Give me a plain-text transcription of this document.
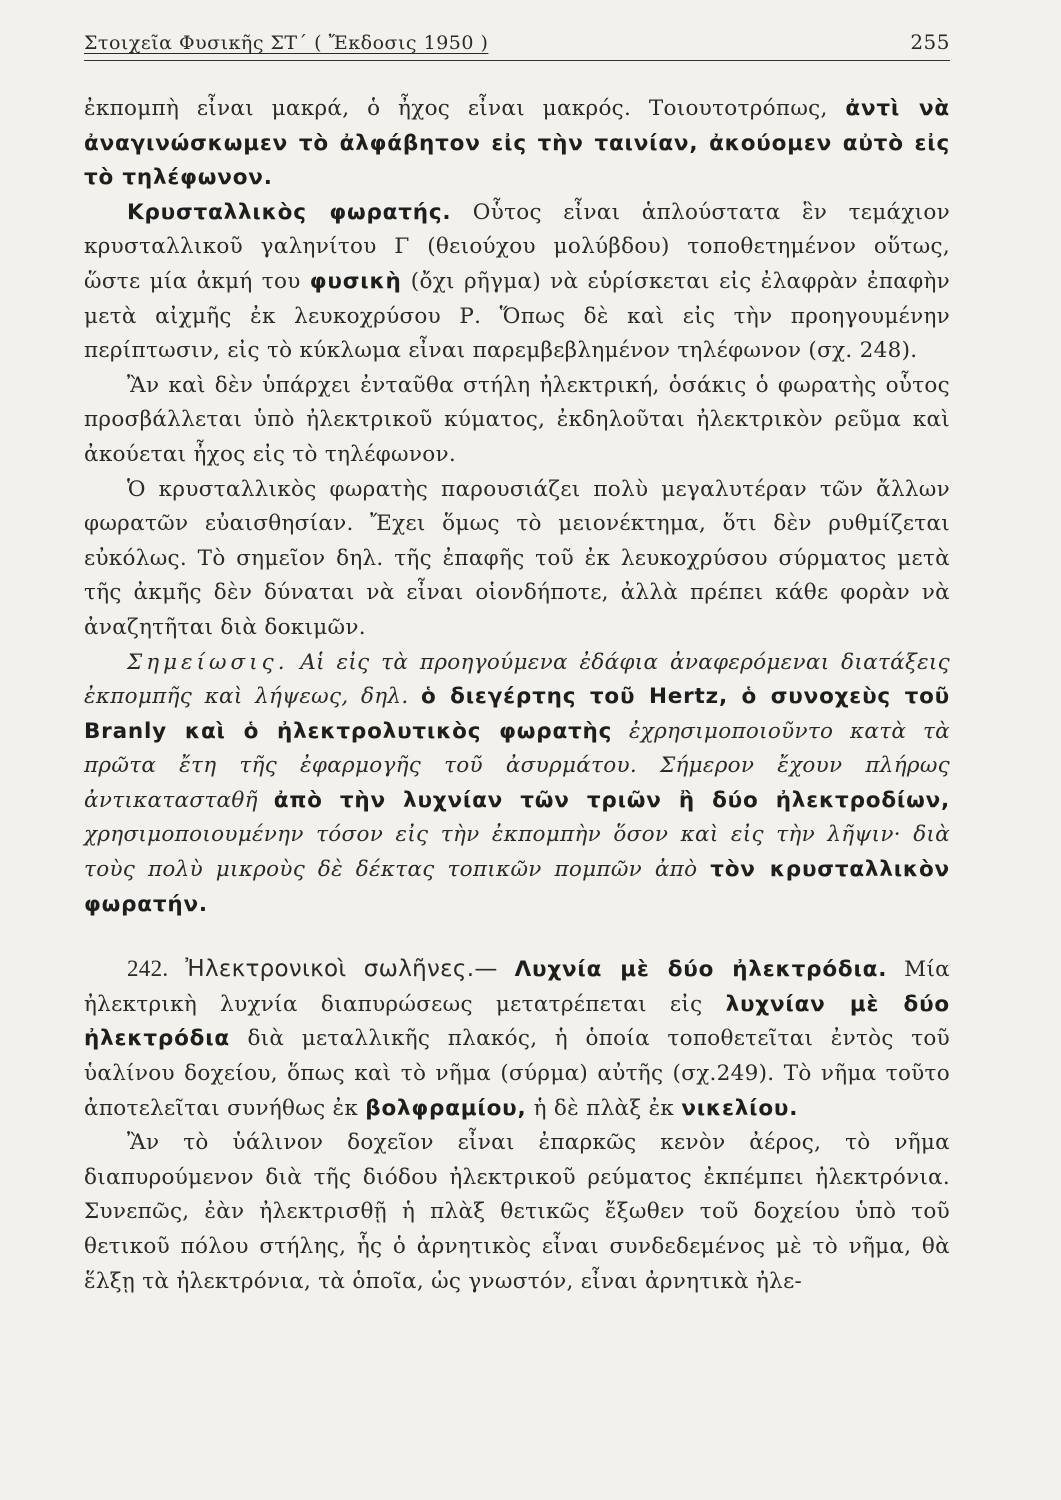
Στοιχεῖα Φυσικῆς ΣΤ΄ ( Ἔκδοσις 1950 )	255

ἐκπομπὴ εἶναι μακρά, ὁ ἦχος εἶναι μακρός. Τοιουτοτρόπως, ἀντὶ νὰ ἀναγινώσκωμεν τὸ ἀλφάβητον εἰς τὴν ταινίαν, ἀκούομεν αὐτὸ εἰς τὸ τηλέφωνον.

Κρυσταλλικὸς φωρατής. Οὗτος εἶναι ἁπλούστατα ἓν τεμάχιον κρυσταλλικοῦ γαληνίτου Γ (θειούχου μολύβδου) τοποθετημένον οὕτως, ὥστε μία ἀκμή του φυσικὴ (ὄχι ρῆγμα) νὰ εὑρίσκεται εἰς ἐλαφρὰν ἐπαφὴν μετὰ αἰχμῆς ἐκ λευκοχρύσου Ρ. Ὅπως δὲ καὶ εἰς τὴν προηγουμένην περίπτωσιν, εἰς τὸ κύκλωμα εἶναι παρεμβεβλημένον τηλέφωνον (σχ. 248).

Ἂν καὶ δὲν ὑπάρχει ἐνταῦθα στήλη ἠλεκτρική, ὁσάκις ὁ φωρατὴς οὗτος προσβάλλεται ὑπὸ ἠλεκτρικοῦ κύματος, ἐκδηλοῦται ἠλεκτρικὸν ρεῦμα καὶ ἀκούεται ἦχος εἰς τὸ τηλέφωνον.

Ὁ κρυσταλλικὸς φωρατὴς παρουσιάζει πολὺ μεγαλυτέραν τῶν ἄλλων φωρατῶν εὐαισθησίαν. Ἔχει ὅμως τὸ μειονέκτημα, ὅτι δὲν ρυθμίζεται εὐκόλως. Τὸ σημεῖον δηλ. τῆς ἐπαφῆς τοῦ ἐκ λευκοχρύσου σύρματος μετὰ τῆς ἀκμῆς δὲν δύναται νὰ εἶναι οἱονδήποτε, ἀλλὰ πρέπει κάθε φορὰν νὰ ἀναζητῆται διὰ δοκιμῶν.

Σημείωσις. Αἱ εἰς τὰ προηγούμενα ἐδάφια ἀναφερόμεναι διατάξεις ἐκπομπῆς καὶ λήψεως, δηλ. ὁ διεγέρτης τοῦ Hertz, ὁ συνοχεὺς τοῦ Branly καὶ ὁ ἠλεκτρολυτικὸς φωρατὴς ἐχρησιμοποιοῦντο κατὰ τὰ πρῶτα ἔτη τῆς ἐφαρμογῆς τοῦ ἀσυρμάτου. Σήμερον ἔχουν πλήρως ἀντικατασταθῆ ἀπὸ τὴν λυχνίαν τῶν τριῶν ἢ δύο ἠλεκτροδίων, χρησιμοποιουμένην τόσον εἰς τὴν ἐκπομπὴν ὅσον καὶ εἰς τὴν λῆψιν· διὰ τοὺς πολὺ μικροὺς δὲ δέκτας τοπικῶν πομπῶν ἀπὸ τὸν κρυσταλλικὸν φωρατήν.

242. Ἠλεκτρονικοὶ σωλῆνες.— Λυχνία μὲ δύο ἠλεκτρόδια. Μία ἠλεκτρικὴ λυχνία διαπυρώσεως μετατρέπεται εἰς λυχνίαν μὲ δύο ἠλεκτρόδια διὰ μεταλλικῆς πλακός, ἡ ὁποία τοποθετεῖται ἐντὸς τοῦ ὑαλίνου δοχείου, ὅπως καὶ τὸ νῆμα (σύρμα) αὐτῆς (σχ.249). Τὸ νῆμα τοῦτο ἀποτελεῖται συνήθως ἐκ βολφραμίου, ἡ δὲ πλὰξ ἐκ νικελίου.

Ἂν τὸ ὑάλινον δοχεῖον εἶναι ἐπαρκῶς κενὸν ἀέρος, τὸ νῆμα διαπυρούμενον διὰ τῆς διόδου ἠλεκτρικοῦ ρεύματος ἐκπέμπει ἠλεκτρόνια. Συνεπῶς, ἐὰν ἠλεκτρισθῇ ἡ πλὰξ θετικῶς ἔξωθεν τοῦ δοχείου ὑπὸ τοῦ θετικοῦ πόλου στήλης, ἧς ὁ ἀρνητικὸς εἶναι συνδεδεμένος μὲ τὸ νῆμα, θὰ ἕλξῃ τὰ ἠλεκτρόνια, τὰ ὁποῖα, ὡς γνωστόν, εἶναι ἀρνητικὰ ἠλε-
